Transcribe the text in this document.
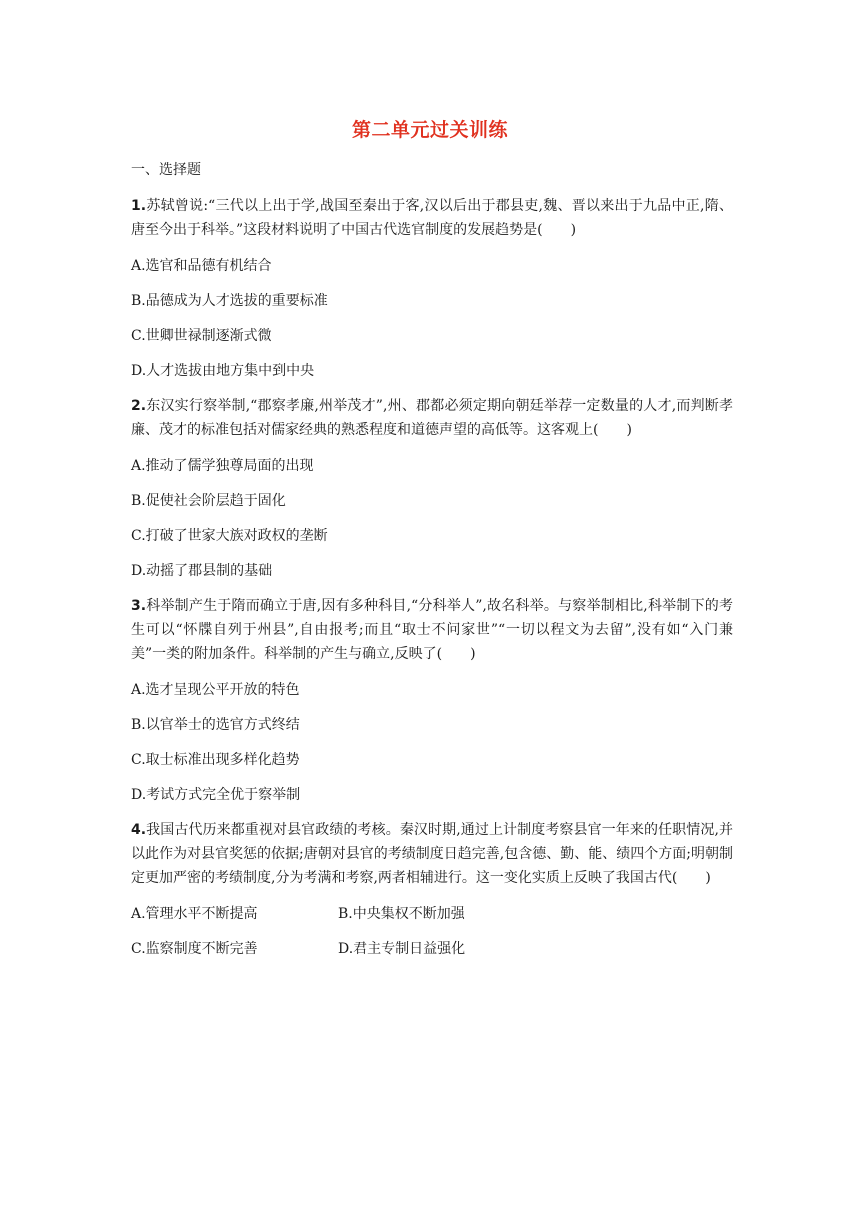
第二单元过关训练
一、选择题
1.苏轼曾说:“三代以上出于学,战国至秦出于客,汉以后出于郡县吏,魏、晋以来出于九品中正,隋、唐至今出于科举。”这段材料说明了中国古代选官制度的发展趋势是(　　)
A.选官和品德有机结合
B.品德成为人才选拔的重要标准
C.世卿世禄制逐渐式微
D.人才选拔由地方集中到中央
2.东汉实行察举制,“郡察孝廉,州举茂才”,州、郡都必须定期向朝廷举荐一定数量的人才,而判断孝廉、茂才的标准包括对儒家经典的熟悉程度和道德声望的高低等。这客观上(　　)
A.推动了儒学独尊局面的出现
B.促使社会阶层趋于固化
C.打破了世家大族对政权的垄断
D.动摇了郡县制的基础
3.科举制产生于隋而确立于唐,因有多种科目,“分科举人”,故名科举。与察举制相比,科举制下的考生可以“怀牒自列于州县”,自由报考;而且“取士不问家世”“一切以程文为去留”,没有如“入门兼美”一类的附加条件。科举制的产生与确立,反映了(　　)
A.选才呈现公平开放的特色
B.以官举士的选官方式终结
C.取士标准出现多样化趋势
D.考试方式完全优于察举制
4.我国古代历来都重视对县官政绩的考核。秦汉时期,通过上计制度考察县官一年来的任职情况,并以此作为对县官奖惩的依据;唐朝对县官的考绩制度日趋完善,包含德、勤、能、绩四个方面;明朝制定更加严密的考绩制度,分为考满和考察,两者相辅进行。这一变化实质上反映了我国古代(　　)
A.管理水平不断提高	B.中央集权不断加强
C.监察制度不断完善	D.君主专制日益强化
